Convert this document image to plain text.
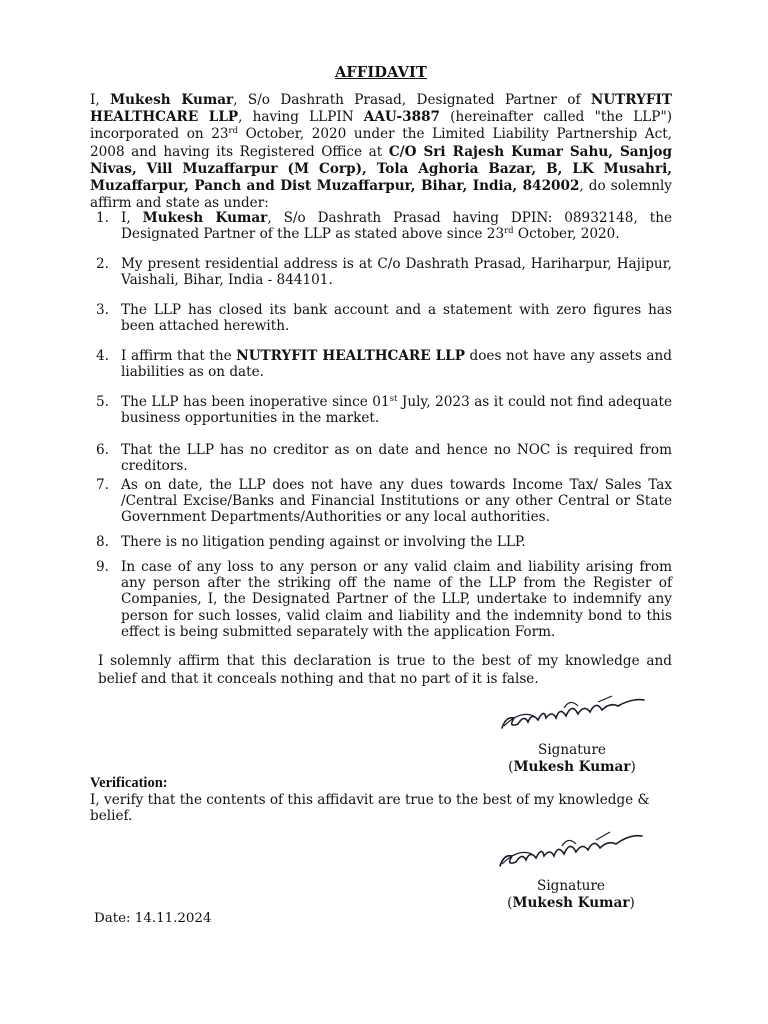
AFFIDAVIT
I, Mukesh Kumar, S/o Dashrath Prasad, Designated Partner of NUTRYFIT HEALTHCARE LLP, having LLPIN AAU-3887 (hereinafter called "the LLP") incorporated on 23rd October, 2020 under the Limited Liability Partnership Act, 2008 and having its Registered Office at C/O Sri Rajesh Kumar Sahu, Sanjog Nivas, Vill Muzaffarpur (M Corp), Tola Aghoria Bazar, B, LK Musahri, Muzaffarpur, Panch and Dist Muzaffarpur, Bihar, India, 842002, do solemnly affirm and state as under:
1. I, Mukesh Kumar, S/o Dashrath Prasad having DPIN: 08932148, the Designated Partner of the LLP as stated above since 23rd October, 2020.
2. My present residential address is at C/o Dashrath Prasad, Hariharpur, Hajipur, Vaishali, Bihar, India - 844101.
3. The LLP has closed its bank account and a statement with zero figures has been attached herewith.
4. I affirm that the NUTRYFIT HEALTHCARE LLP does not have any assets and liabilities as on date.
5. The LLP has been inoperative since 01st July, 2023 as it could not find adequate business opportunities in the market.
6. That the LLP has no creditor as on date and hence no NOC is required from creditors.
7. As on date, the LLP does not have any dues towards Income Tax/ Sales Tax /Central Excise/Banks and Financial Institutions or any other Central or State Government Departments/Authorities or any local authorities.
8. There is no litigation pending against or involving the LLP.
9. In case of any loss to any person or any valid claim and liability arising from any person after the striking off the name of the LLP from the Register of Companies, I, the Designated Partner of the LLP, undertake to indemnify any person for such losses, valid claim and liability and the indemnity bond to this effect is being submitted separately with the application Form.
I solemnly affirm that this declaration is true to the best of my knowledge and belief and that it conceals nothing and that no part of it is false.
Signature
(Mukesh Kumar)
Verification:
I, verify that the contents of this affidavit are true to the best of my knowledge & belief.
Signature
(Mukesh Kumar)
Date: 14.11.2024
